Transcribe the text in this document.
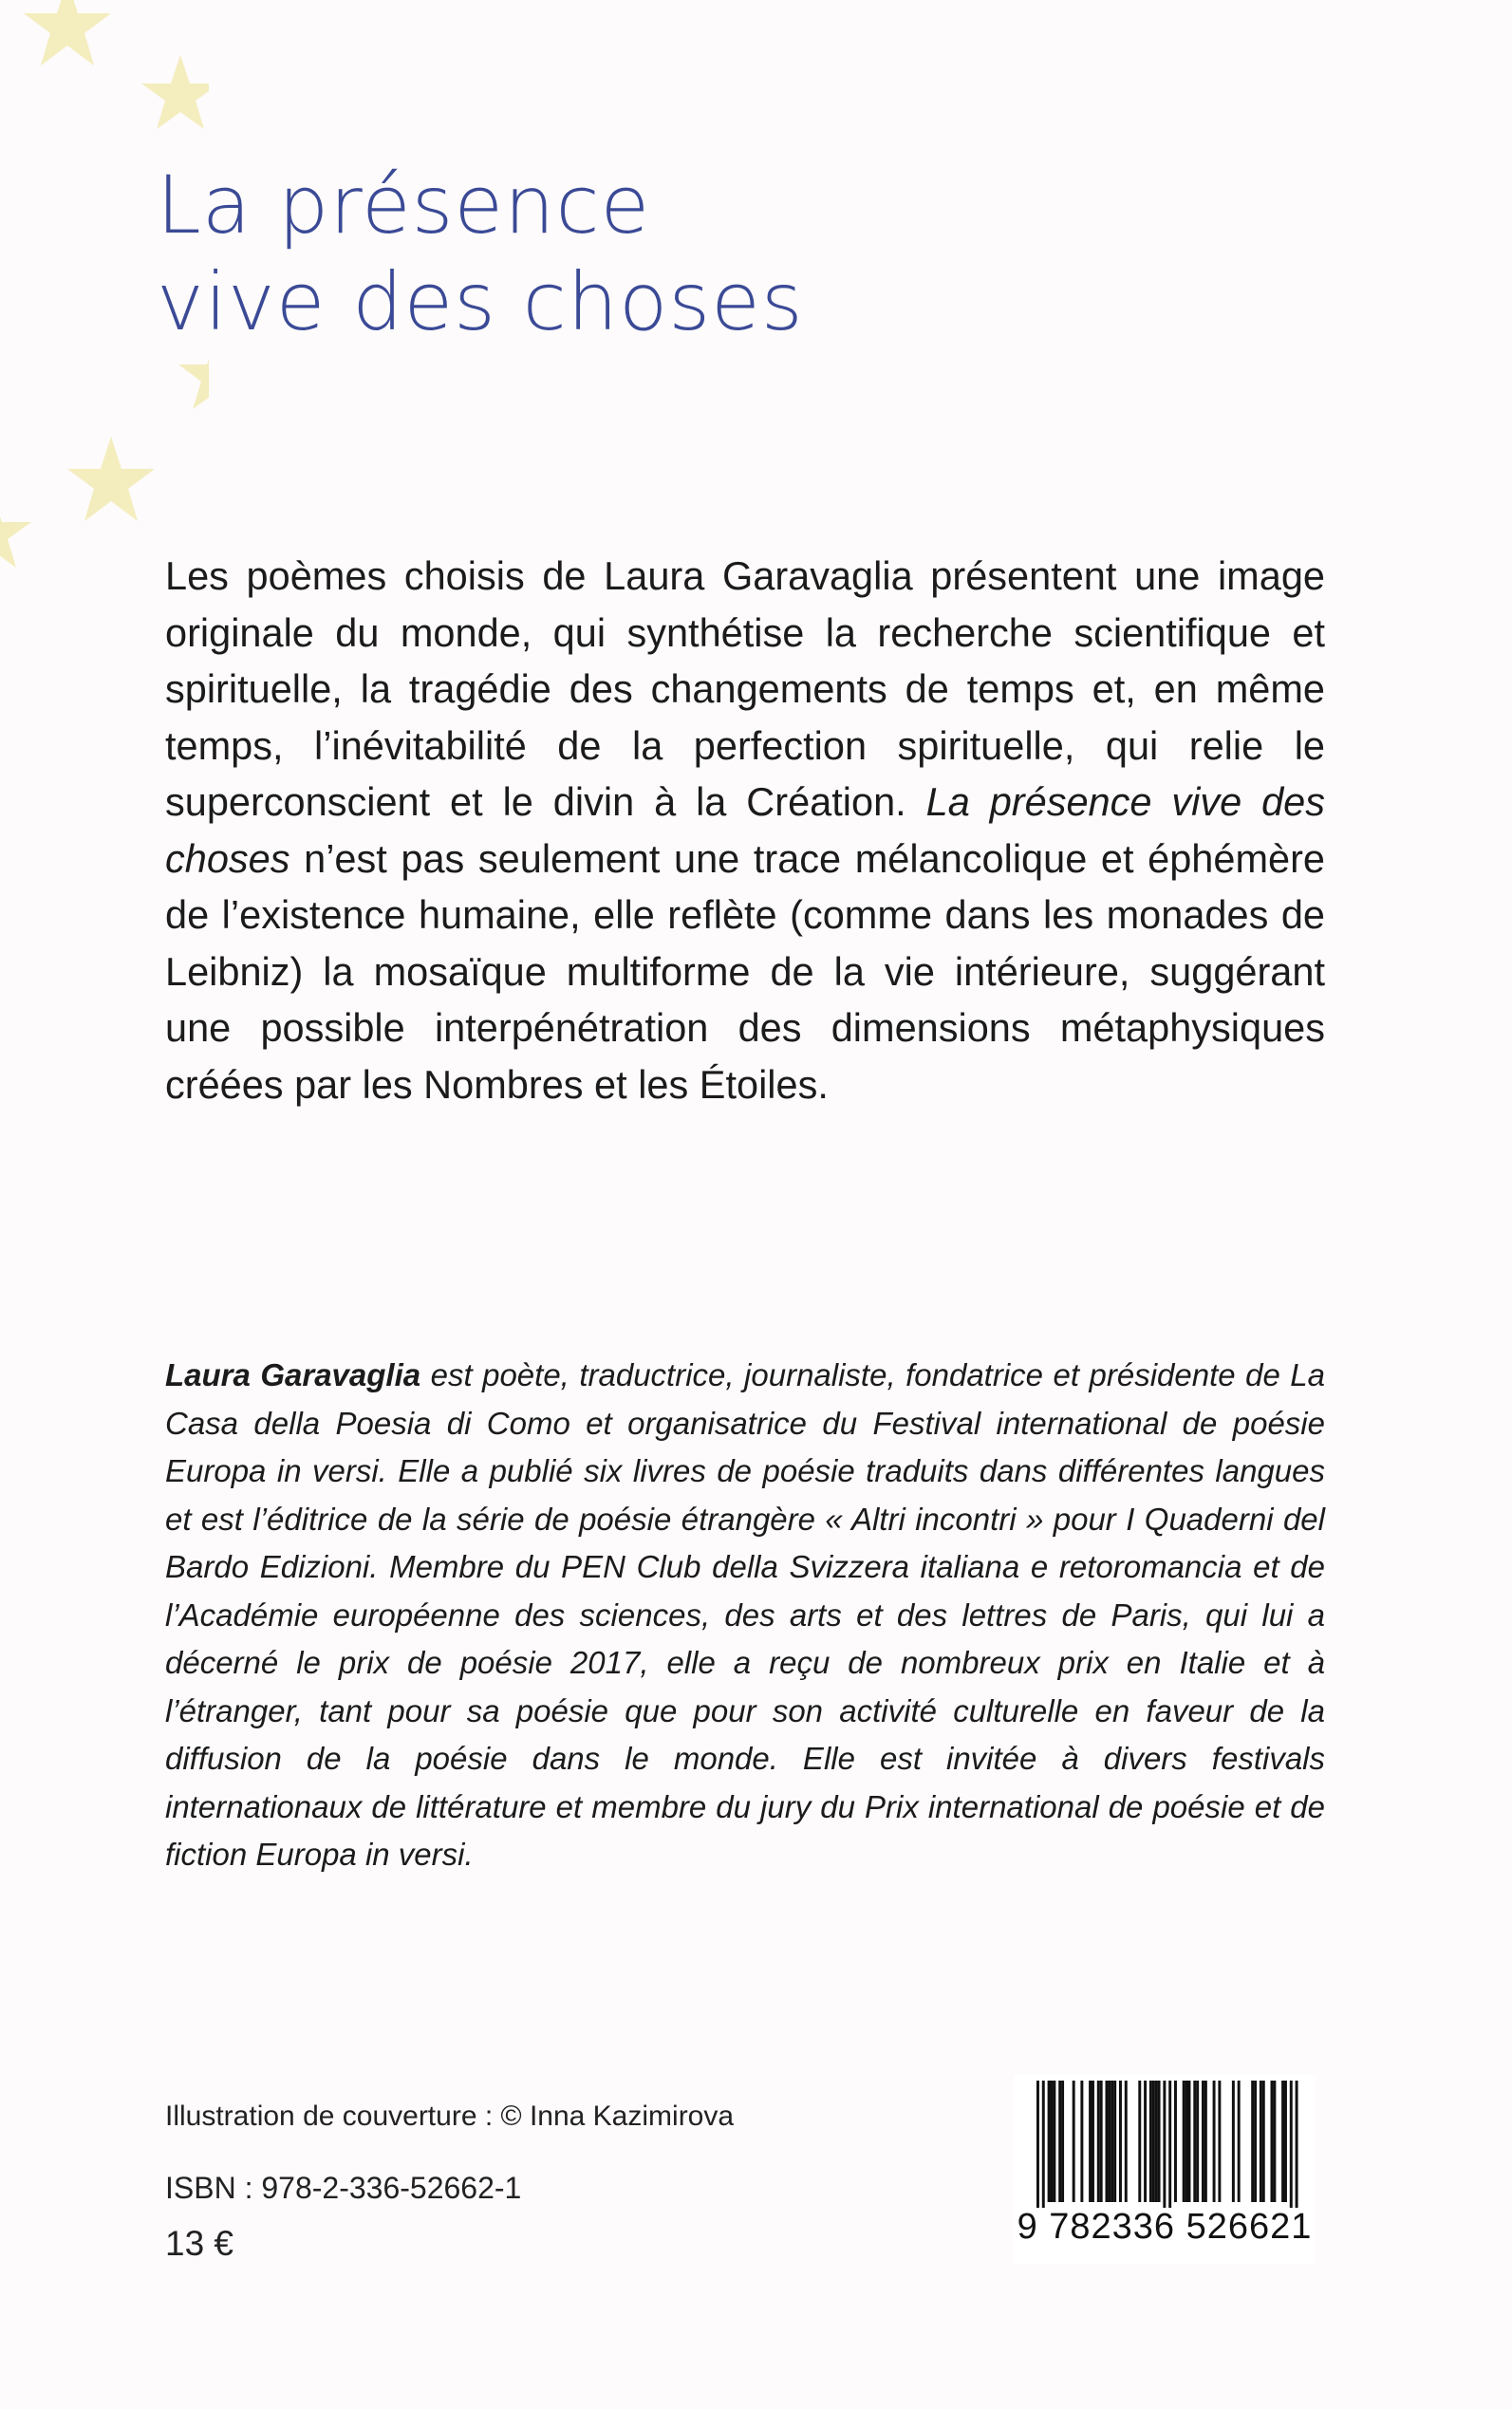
La présence
vive des choses

Les poèmes choisis de Laura Garavaglia présentent une image originale du monde, qui synthétise la recherche scientifique et spirituelle, la tragédie des changements de temps et, en même temps, l’inévitabilité de la perfection spirituelle, qui relie le superconscient et le divin à la Création. La présence vive des choses n’est pas seulement une trace mélancolique et éphémère de l’existence humaine, elle reflète (comme dans les monades de Leibniz) la mosaïque multiforme de la vie intérieure, suggérant une possible interpénétration des dimensions métaphysiques créées par les Nombres et les Étoiles.

Laura Garavaglia est poète, traductrice, journaliste, fondatrice et présidente de La Casa della Poesia di Como et organisatrice du Festival international de poésie Europa in versi. Elle a publié six livres de poésie traduits dans différentes langues et est l’éditrice de la série de poésie étrangère « Altri incontri » pour I Quaderni del Bardo Edizioni. Membre du PEN Club della Svizzera italiana e retoromancia et de l’Académie européenne des sciences, des arts et des lettres de Paris, qui lui a décerné le prix de poésie 2017, elle a reçu de nombreux prix en Italie et à l’étranger, tant pour sa poésie que pour son activité culturelle en faveur de la diffusion de la poésie dans le monde. Elle est invitée à divers festivals internationaux de littérature et membre du jury du Prix international de poésie et de fiction Europa in versi.

Illustration de couverture : © Inna Kazimirova
ISBN : 978-2-336-52662-1
13 €	9 782336 526621
